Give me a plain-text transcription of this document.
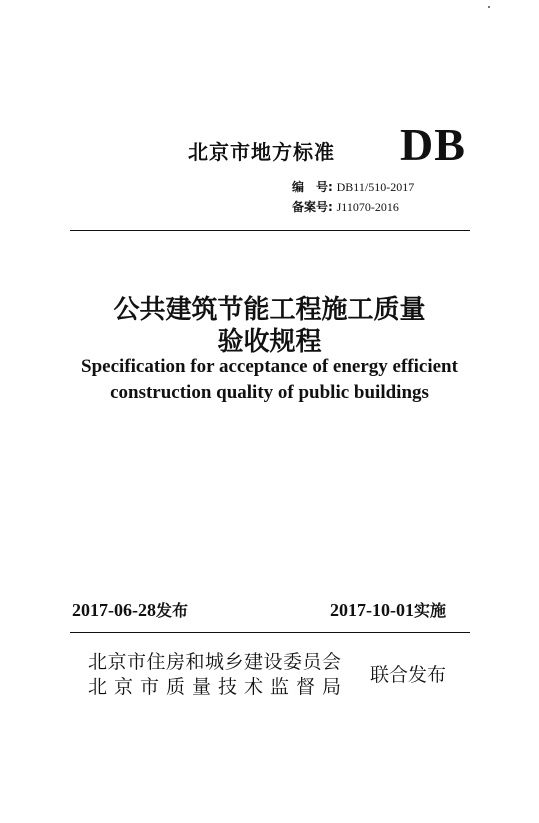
北京市地方标准 DB

编　号: DB11/510-2017

备案号: J11070-2016

公共建筑节能工程施工质量

验收规程

Specification for acceptance of energy efficient

construction quality of public buildings

2017-06-28发布	2017-10-01实施

北京市住房和城乡建设委员会

北京市质量技术监督局

联合发布
